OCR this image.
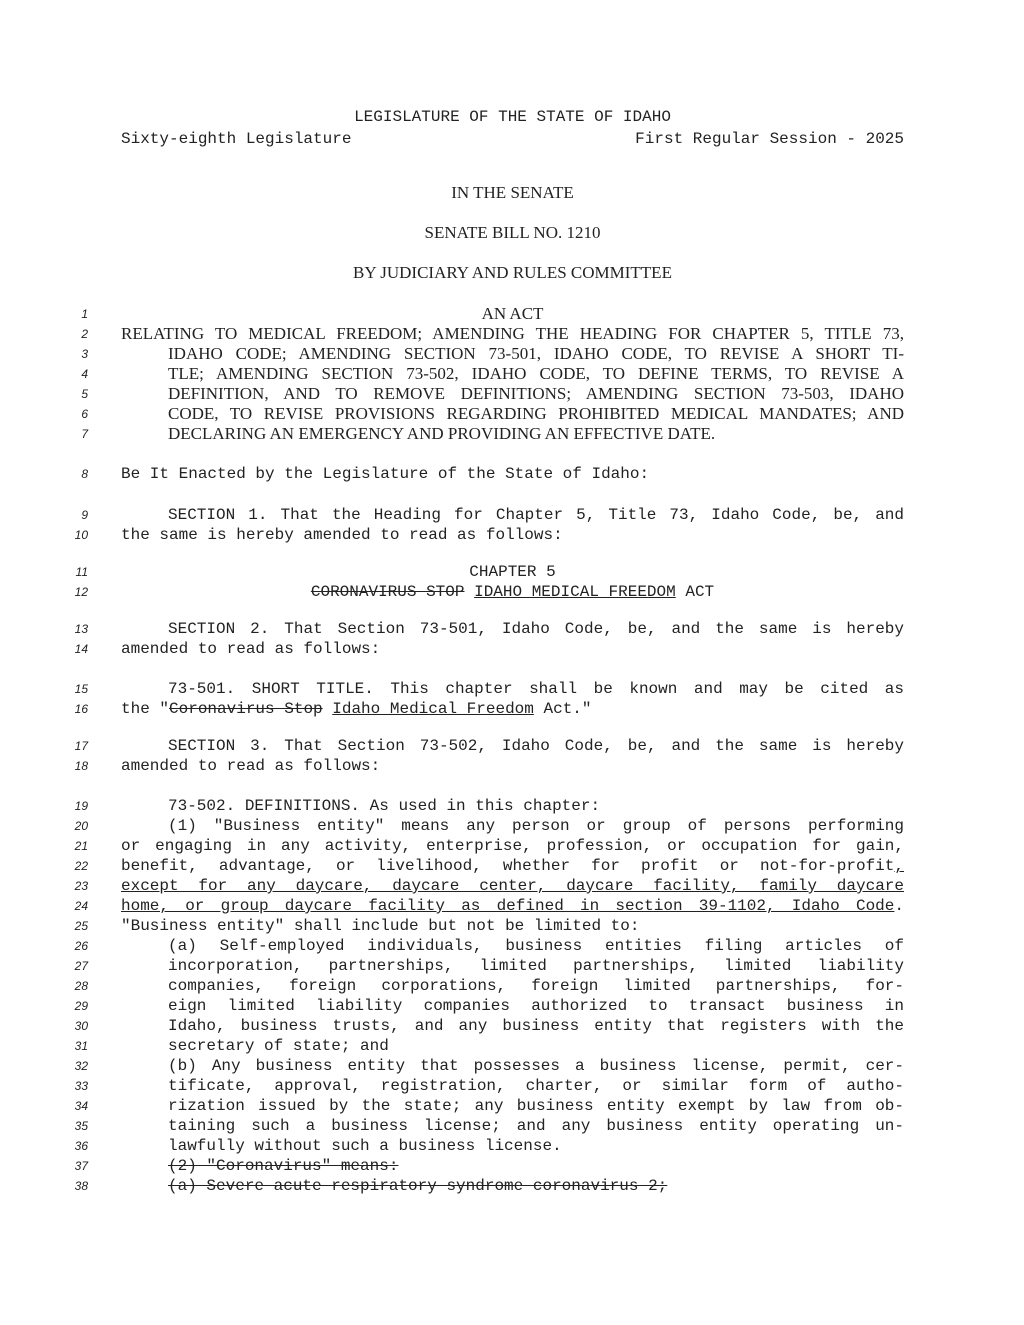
LEGISLATURE OF THE STATE OF IDAHO
Sixty-eighth Legislature	First Regular Session - 2025
IN THE SENATE
SENATE BILL NO. 1210
BY JUDICIARY AND RULES COMMITTEE
1	AN ACT
2 RELATING TO MEDICAL FREEDOM; AMENDING THE HEADING FOR CHAPTER 5, TITLE 73,
3	IDAHO CODE; AMENDING SECTION 73-501, IDAHO CODE, TO REVISE A SHORT TI-
4	TLE; AMENDING SECTION 73-502, IDAHO CODE, TO DEFINE TERMS, TO REVISE A
5	DEFINITION, AND TO REMOVE DEFINITIONS; AMENDING SECTION 73-503, IDAHO
6	CODE, TO REVISE PROVISIONS REGARDING PROHIBITED MEDICAL MANDATES; AND
7	DECLARING AN EMERGENCY AND PROVIDING AN EFFECTIVE DATE.
8 Be It Enacted by the Legislature of the State of Idaho:
9	SECTION 1. That the Heading for Chapter 5, Title 73, Idaho Code, be, and
10 the same is hereby amended to read as follows:
11	CHAPTER 5
12	CORONAVIRUS STOP IDAHO MEDICAL FREEDOM ACT
13	SECTION 2. That Section 73-501, Idaho Code, be, and the same is hereby
14 amended to read as follows:
15	73-501. SHORT TITLE. This chapter shall be known and may be cited as
16 the "Coronavirus Stop Idaho Medical Freedom Act."
17	SECTION 3. That Section 73-502, Idaho Code, be, and the same is hereby
18 amended to read as follows:
19	73-502. DEFINITIONS. As used in this chapter:
20	(1) "Business entity" means any person or group of persons performing
21 or engaging in any activity, enterprise, profession, or occupation for gain,
22 benefit, advantage, or livelihood, whether for profit or not-for-profit,
23 except for any daycare, daycare center, daycare facility, family daycare
24 home, or group daycare facility as defined in section 39-1102, Idaho Code.
25 "Business entity" shall include but not be limited to:
26	(a) Self-employed individuals, business entities filing articles of
27	incorporation, partnerships, limited partnerships, limited liability
28	companies, foreign corporations, foreign limited partnerships, for-
29	eign limited liability companies authorized to transact business in
30	Idaho, business trusts, and any business entity that registers with the
31	secretary of state; and
32	(b) Any business entity that possesses a business license, permit, cer-
33	tificate, approval, registration, charter, or similar form of autho-
34	rization issued by the state; any business entity exempt by law from ob-
35	taining such a business license; and any business entity operating un-
36	lawfully without such a business license.
37	(2) "Coronavirus" means:
38	(a) Severe acute respiratory syndrome coronavirus 2;
